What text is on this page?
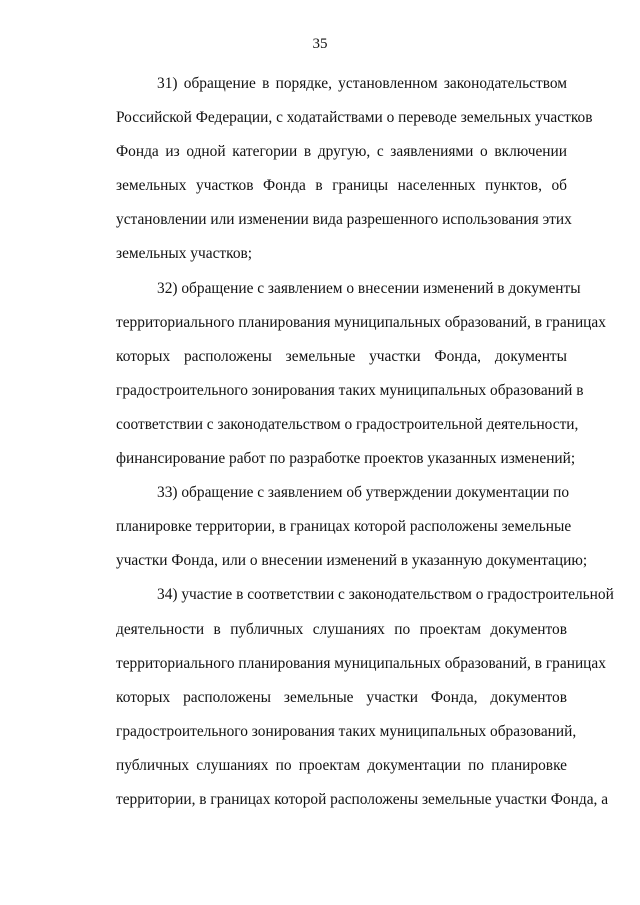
35
31) обращение в порядке, установленном законодательством
Российской Федерации, с ходатайствами о переводе земельных участков
Фонда из одной категории в другую, с заявлениями о включении
земельных участков Фонда в границы населенных пунктов, об
установлении или изменении вида разрешенного использования этих
земельных участков;
32) обращение с заявлением о внесении изменений в документы
территориального планирования муниципальных образований, в границах
которых расположены земельные участки Фонда, документы
градостроительного зонирования таких муниципальных образований в
соответствии с законодательством о градостроительной деятельности,
финансирование работ по разработке проектов указанных изменений;
33) обращение с заявлением об утверждении документации по
планировке территории, в границах которой расположены земельные
участки Фонда, или о внесении изменений в указанную документацию;
34) участие в соответствии с законодательством о градостроительной
деятельности в публичных слушаниях по проектам документов
территориального планирования муниципальных образований, в границах
которых расположены земельные участки Фонда, документов
градостроительного зонирования таких муниципальных образований,
публичных слушаниях по проектам документации по планировке
территории, в границах которой расположены земельные участки Фонда, а
